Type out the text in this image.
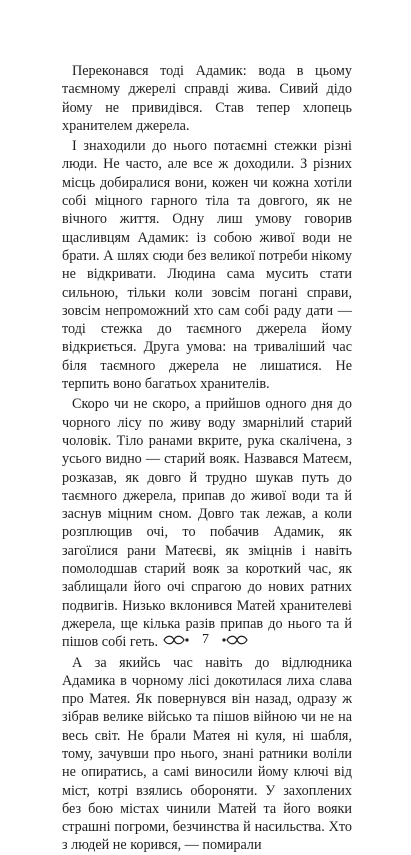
Переконався тоді Адамик: вода в цьому таємному джерелі справді жива. Сивий дідо йому не привидівся. Став тепер хлопець хранителем джерела.

І знаходили до нього потаємні стежки різні люди. Не часто, але все ж доходили. З різних місць добиралися вони, кожен чи кожна хотіли собі міцного гарного тіла та довгого, як не вічного життя. Одну лиш умову говорив щасливцям Адамик: із собою живої води не брати. А шлях сюди без великої потреби нікому не відкривати. Людина сама мусить стати сильною, тільки коли зовсім погані справи, зовсім непроможний хто сам собі раду дати — тоді стежка до таємного джерела йому відкриється. Друга умова: на тривалiший час біля таємного джерела не лишатися. Не терпить воно багатьох хранителів.

Скоро чи не скоро, а прийшов одного дня до чорного лісу по живу воду змарнілий старий чоловік. Тіло ранами вкрите, рука скалічена, з усього видно — старий вояк. Назвався Матеєм, розказав, як довго й трудно шукав путь до таємного джерела, припав до живої води та й заснув міцним сном. Довго так лежав, а коли розплющив очі, то побачив Адамик, як загоїлися рани Матеєві, як зміцнів і навіть помолодшав старий вояк за короткий час, як заблищали його очі спрагою до нових ратних подвигів. Низько вклонився Матей хранителеві джерела, ще кілька разів припав до нього та й пішов собі геть.

А за якийсь час навіть до відлюдника Адамика в чорному лісі докотилася лиха слава про Матея. Як повернувся він назад, одразу ж зібрав велике військо та пішов війною чи не на весь світ. Не брали Матея ні куля, ні шабля, тому, зачувши про нього, знані ратники воліли не опиратись, а самі виносили йому ключі від міст, котрі взялись обороняти. У захоплених без бою містах чинили Матей та його вояки страшні погроми, безчинства й насильства. Хто з людей не корився, — помирали

7
